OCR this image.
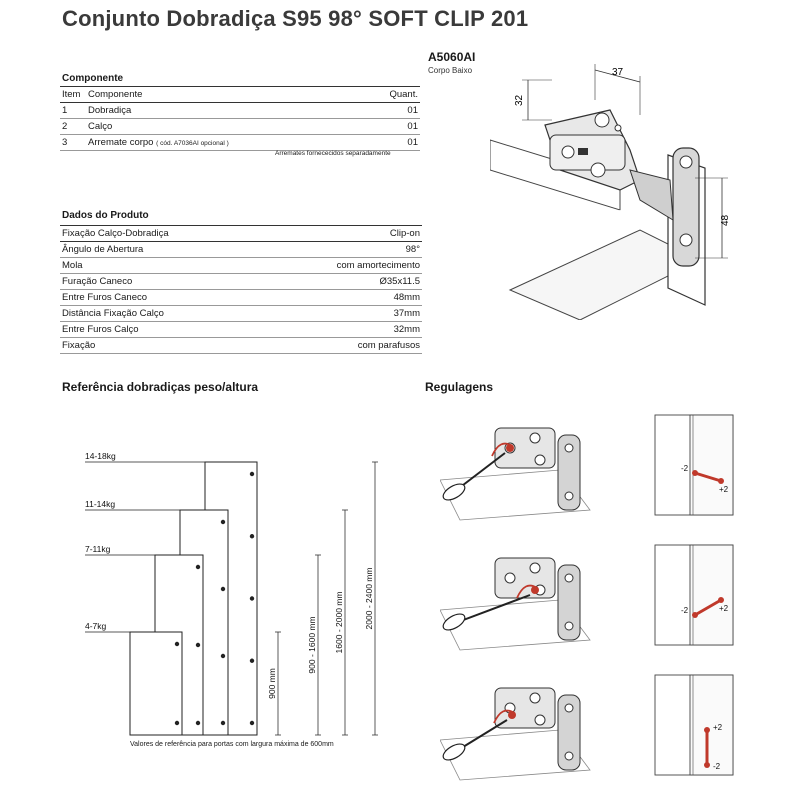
Conjunto Dobradiça S95 98° SOFT CLIP 201
A5060AI
Corpo Baixo
Componente
Item	Componente	Quant.
1	Dobradiça	01
2	Calço	01
3	Arremate corpo ( cód. A7036AI opcional )	01
Arremates fornececidos separadamente
Dados do Produto
Fixação Calço-Dobradiça	Clip-on
Ângulo de Abertura	98°
Mola	com amortecimento
Furação Caneco	Ø35x11.5
Entre Furos Caneco	48mm
Distância Fixação Calço	37mm
Entre Furos Calço	32mm
Fixação	com parafusos
37
32
48
Referência dobradiças peso/altura
14-18kg
11-14kg
7-11kg
4-7kg
900 mm
900 - 1600 mm 1600 - 2000 mm 2000 - 2400 mm
Valores de referência para portas com largura máxima de 600mm
Regulagens
-2
+2
-2	+2
-2
+2
